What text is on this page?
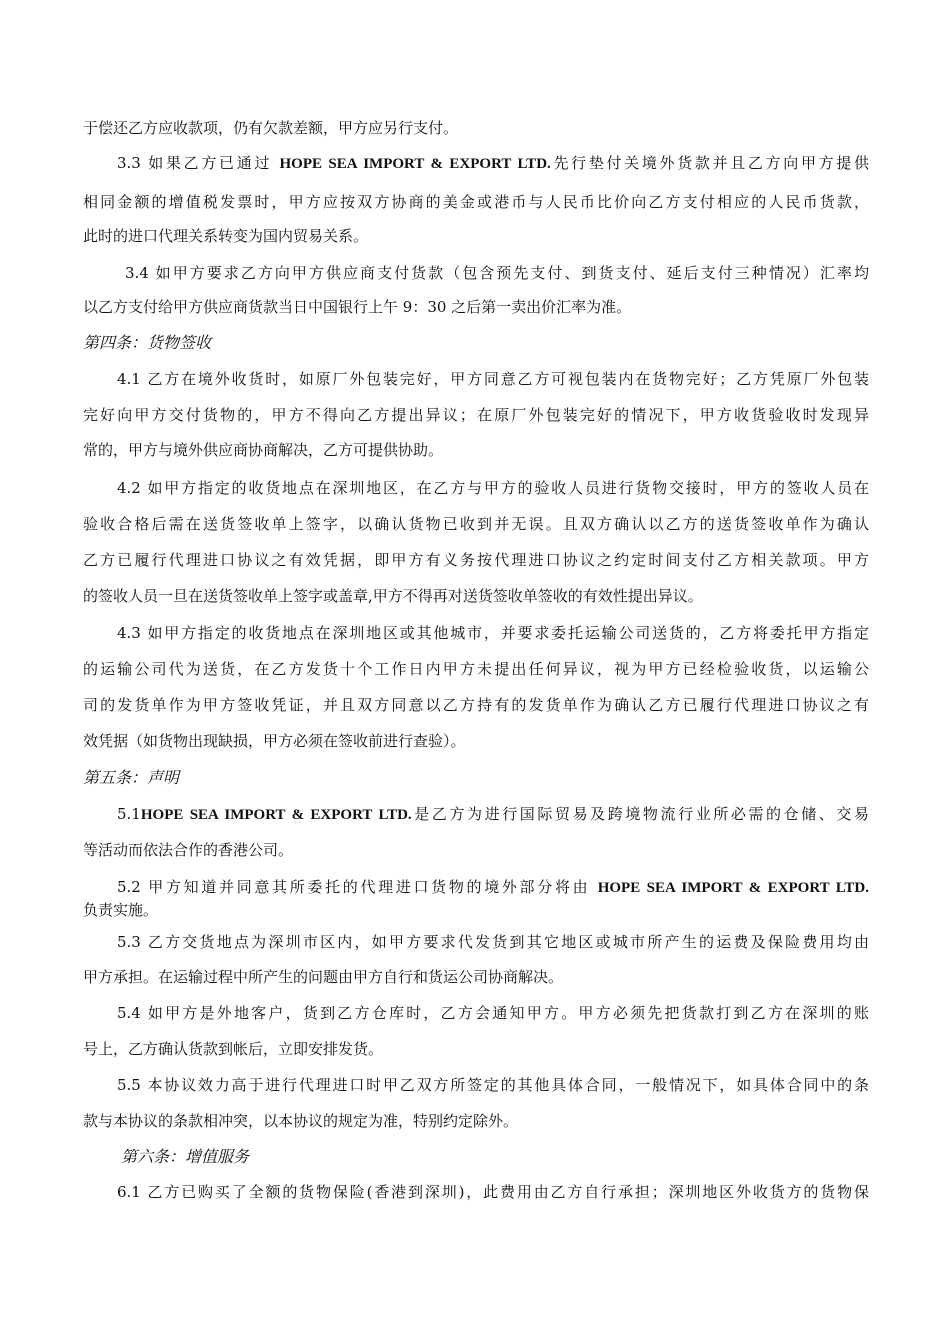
于偿还乙方应收款项，仍有欠款差额，甲方应另行支付。
3.3 如果乙方已通过 HOPE SEA IMPORT & EXPORT LTD.先行垫付关境外货款并且乙方向甲方提供
相同金额的增值税发票时，甲方应按双方协商的美金或港币与人民币比价向乙方支付相应的人民币货款，
此时的进口代理关系转变为国内贸易关系。
3.4 如甲方要求乙方向甲方供应商支付货款（包含预先支付、到货支付、延后支付三种情况）汇率均
以乙方支付给甲方供应商货款当日中国银行上午 9：30 之后第一卖出价汇率为准。
第四条：货物签收
4.1 乙方在境外收货时，如原厂外包装完好，甲方同意乙方可视包装内在货物完好；乙方凭原厂外包装
完好向甲方交付货物的，甲方不得向乙方提出异议；在原厂外包装完好的情况下，甲方收货验收时发现异
常的，甲方与境外供应商协商解决，乙方可提供协助。
4.2 如甲方指定的收货地点在深圳地区，在乙方与甲方的验收人员进行货物交接时，甲方的签收人员在
验收合格后需在送货签收单上签字，以确认货物已收到并无误。且双方确认以乙方的送货签收单作为确认
乙方已履行代理进口协议之有效凭据，即甲方有义务按代理进口协议之约定时间支付乙方相关款项。甲方
的签收人员一旦在送货签收单上签字或盖章,甲方不得再对送货签收单签收的有效性提出异议。
4.3 如甲方指定的收货地点在深圳地区或其他城市，并要求委托运输公司送货的，乙方将委托甲方指定
的运输公司代为送货，在乙方发货十个工作日内甲方未提出任何异议，视为甲方已经检验收货，以运输公
司的发货单作为甲方签收凭证，并且双方同意以乙方持有的发货单作为确认乙方已履行代理进口协议之有
效凭据（如货物出现缺损，甲方必须在签收前进行查验）。
第五条：声明
5.1HOPE SEA IMPORT & EXPORT LTD.是乙方为进行国际贸易及跨境物流行业所必需的仓储、交易
等活动而依法合作的香港公司。
5.2 甲方知道并同意其所委托的代理进口货物的境外部分将由 HOPE SEA IMPORT & EXPORT LTD.
负责实施。
5.3 乙方交货地点为深圳市区内，如甲方要求代发货到其它地区或城市所产生的运费及保险费用均由
甲方承担。在运输过程中所产生的问题由甲方自行和货运公司协商解决。
5.4 如甲方是外地客户，货到乙方仓库时，乙方会通知甲方。甲方必须先把货款打到乙方在深圳的账
号上，乙方确认货款到帐后，立即安排发货。
5.5 本协议效力高于进行代理进口时甲乙双方所签定的其他具体合同，一般情况下，如具体合同中的条
款与本协议的条款相冲突，以本协议的规定为准，特别约定除外。
第六条：增值服务
6.1 乙方已购买了全额的货物保险(香港到深圳)，此费用由乙方自行承担；深圳地区外收货方的货物保
